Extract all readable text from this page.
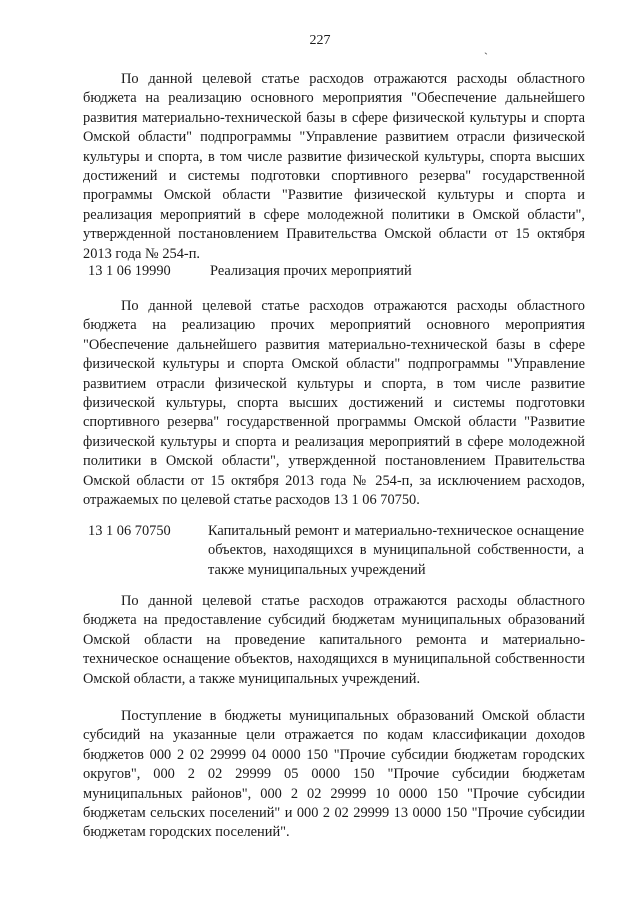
227
`

По данной целевой статье расходов отражаются расходы областного бюджета на реализацию основного мероприятия "Обеспечение дальнейшего развития материально-технической базы в сфере физической культуры и спорта Омской области" подпрограммы "Управление развитием отрасли физической культуры и спорта, в том числе развитие физической культуры, спорта высших достижений и системы подготовки спортивного резерва" государственной программы Омской области "Развитие физической культуры и спорта и реализация мероприятий в сфере молодежной политики в Омской области", утвержденной постановлением Правительства Омской области от 15 октября 2013 года № 254-п.

13 1 06 19990	Реализация прочих мероприятий

По данной целевой статье расходов отражаются расходы областного бюджета на реализацию прочих мероприятий основного мероприятия "Обеспечение дальнейшего развития материально-технической базы в сфере физической культуры и спорта Омской области" подпрограммы "Управление развитием отрасли физической культуры и спорта, в том числе развитие физической культуры, спорта высших достижений и системы подготовки спортивного резерва" государственной программы Омской области "Развитие физической культуры и спорта и реализация мероприятий в сфере молодежной политики в Омской области", утвержденной постановлением Правительства Омской области от 15 октября 2013 года № 254-п, за исключением расходов, отражаемых по целевой статье расходов 13 1 06 70750.

13 1 06 70750	Капитальный ремонт и материально-техническое оснащение объектов, находящихся в муниципальной собственности, а также муниципальных учреждений

По данной целевой статье расходов отражаются расходы областного бюджета на предоставление субсидий бюджетам муниципальных образований Омской области на проведение капитального ремонта и материально-техническое оснащение объектов, находящихся в муниципальной собственности Омской области, а также муниципальных учреждений.

Поступление в бюджеты муниципальных образований Омской области субсидий на указанные цели отражается по кодам классификации доходов бюджетов 000 2 02 29999 04 0000 150 "Прочие субсидии бюджетам городских округов", 000 2 02 29999 05 0000 150 "Прочие субсидии бюджетам муниципальных районов", 000 2 02 29999 10 0000 150 "Прочие субсидии бюджетам сельских поселений" и 000 2 02 29999 13 0000 150 "Прочие субсидии бюджетам городских поселений".
